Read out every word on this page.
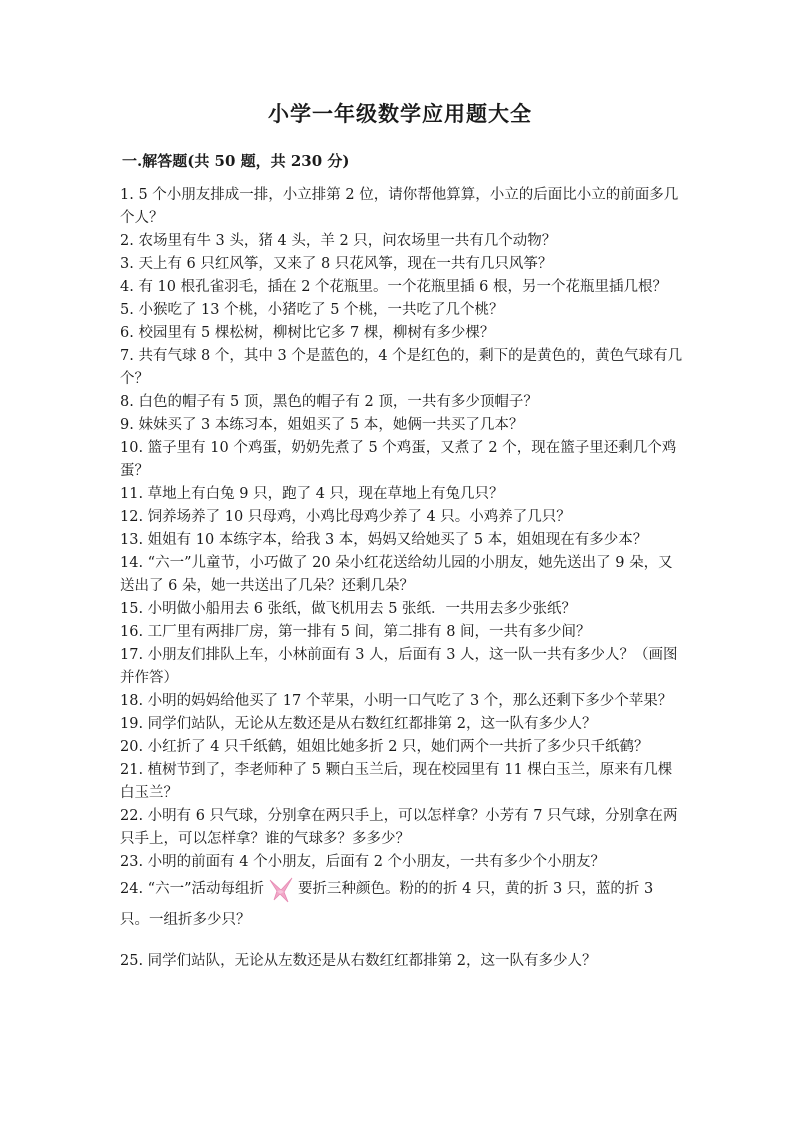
小学一年级数学应用题大全
一.解答题(共 50 题，共 230 分)
1. 5 个小朋友排成一排，小立排第 2 位，请你帮他算算，小立的后面比小立的前面多几个人？
2. 农场里有牛 3 头，猪 4 头，羊 2 只，问农场里一共有几个动物？
3. 天上有 6 只红风筝，又来了 8 只花风筝，现在一共有几只风筝？
4. 有 10 根孔雀羽毛，插在 2 个花瓶里。一个花瓶里插 6 根，另一个花瓶里插几根？
5. 小猴吃了 13 个桃，小猪吃了 5 个桃，一共吃了几个桃？
6. 校园里有 5 棵松树，柳树比它多 7 棵，柳树有多少棵？
7. 共有气球 8 个，其中 3 个是蓝色的，4 个是红色的，剩下的是黄色的，黄色气球有几个？
8. 白色的帽子有 5 顶，黑色的帽子有 2 顶，一共有多少顶帽子？
9. 妹妹买了 3 本练习本，姐姐买了 5 本，她俩一共买了几本？
10. 篮子里有 10 个鸡蛋，奶奶先煮了 5 个鸡蛋，又煮了 2 个，现在篮子里还剩几个鸡蛋？
11. 草地上有白兔 9 只，跑了 4 只，现在草地上有兔几只？
12. 饲养场养了 10 只母鸡，小鸡比母鸡少养了 4 只。小鸡养了几只？
13. 姐姐有 10 本练字本，给我 3 本，妈妈又给她买了 5 本，姐姐现在有多少本？
14. “六一”儿童节，小巧做了 20 朵小红花送给幼儿园的小朋友，她先送出了 9 朵，又送出了 6 朵，她一共送出了几朵？还剩几朵？
15. 小明做小船用去 6 张纸，做飞机用去 5 张纸．一共用去多少张纸？
16. 工厂里有两排厂房，第一排有 5 间，第二排有 8 间，一共有多少间？
17. 小朋友们排队上车，小林前面有 3 人，后面有 3 人，这一队一共有多少人？（画图并作答）
18. 小明的妈妈给他买了 17 个苹果，小明一口气吃了 3 个，那么还剩下多少个苹果？
19. 同学们站队，无论从左数还是从右数红红都排第 2，这一队有多少人？
20. 小红折了 4 只千纸鹤，姐姐比她多折 2 只，她们两个一共折了多少只千纸鹤？
21. 植树节到了，李老师种了 5 颗白玉兰后，现在校园里有 11 棵白玉兰，原来有几棵白玉兰？
22. 小明有 6 只气球，分别拿在两只手上，可以怎样拿？小芳有 7 只气球，分别拿在两只手上，可以怎样拿？谁的气球多？多多少？
23. 小明的前面有 4 个小朋友，后面有 2 个小朋友，一共有多少个小朋友？
24. “六一”活动每组折 要折三种颜色。粉的的折 4 只，黄的折 3 只，蓝的折 3 只。一组折多少只？
25. 同学们站队，无论从左数还是从右数红红都排第 2，这一队有多少人？
